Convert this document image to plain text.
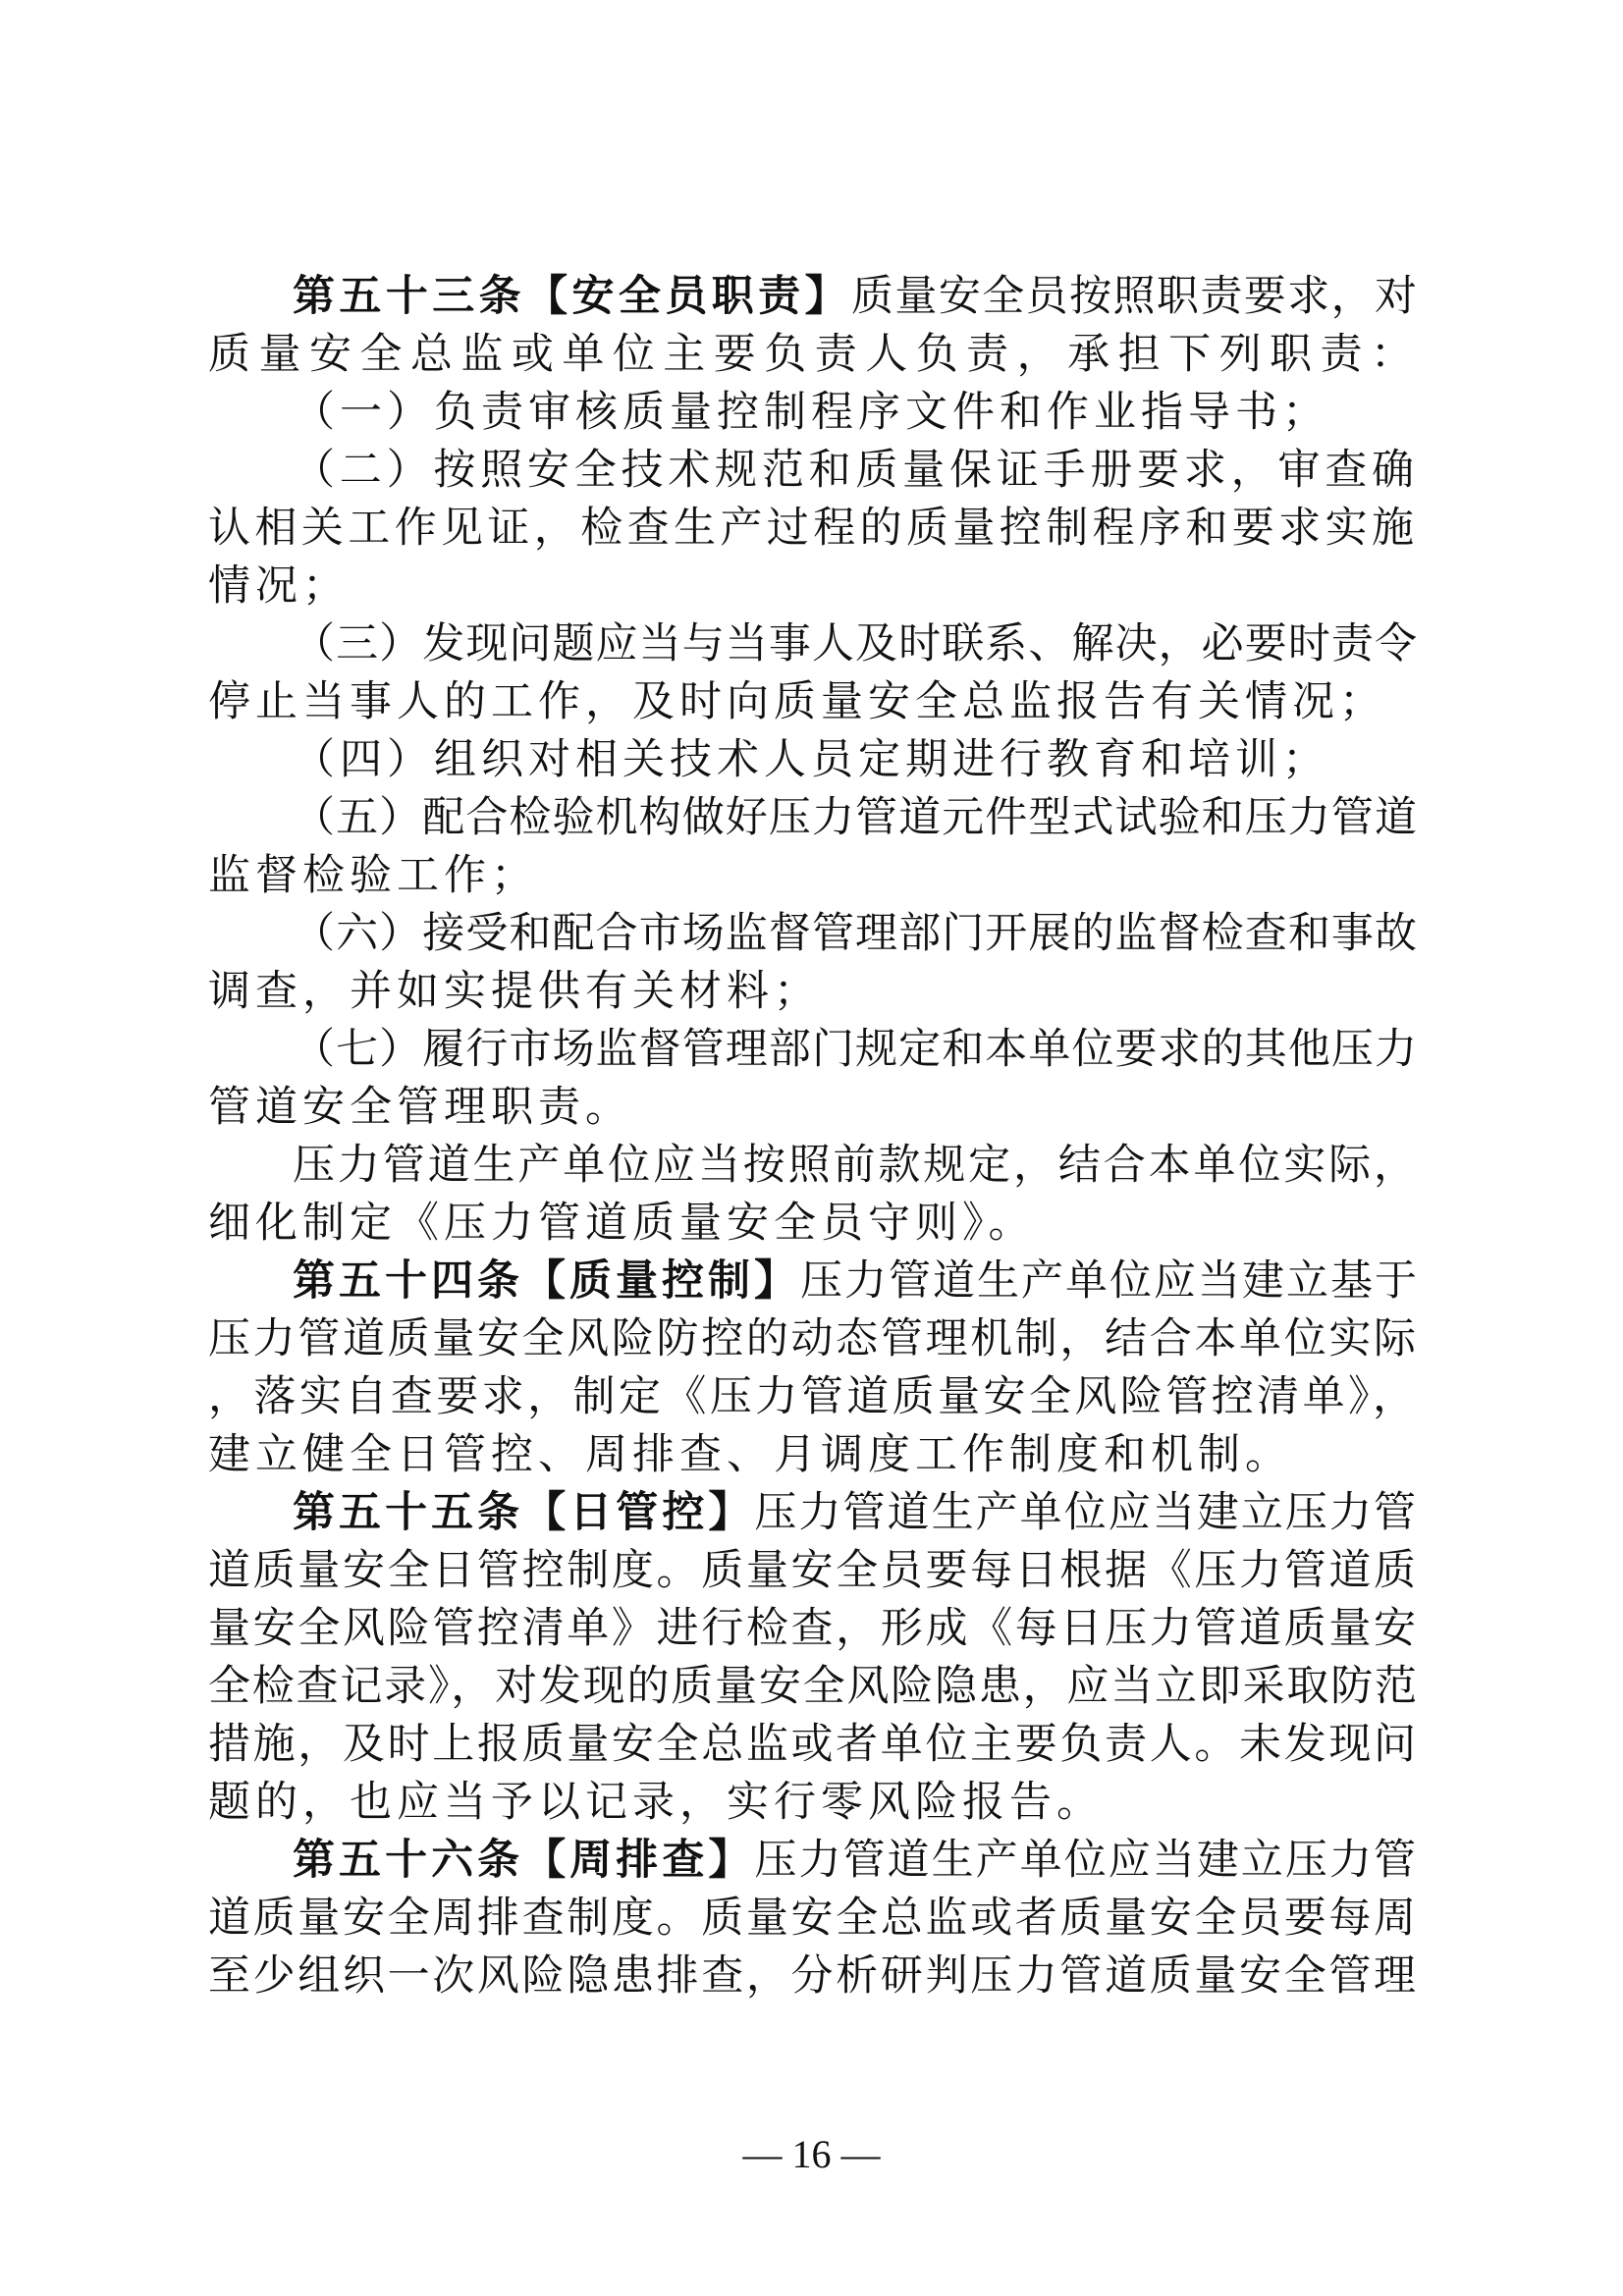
第五十三条【安全员职责】质量安全员按照职责要求，对
质量安全总监或单位主要负责人负责，承担下列职责：
（一）负责审核质量控制程序文件和作业指导书；
（二）按照安全技术规范和质量保证手册要求，审查确
认相关工作见证，检查生产过程的质量控制程序和要求实施
情况；
（三）发现问题应当与当事人及时联系、解决，必要时责令
停止当事人的工作，及时向质量安全总监报告有关情况；
（四）组织对相关技术人员定期进行教育和培训；
（五）配合检验机构做好压力管道元件型式试验和压力管道
监督检验工作；
（六）接受和配合市场监督管理部门开展的监督检查和事故
调查，并如实提供有关材料；
（七）履行市场监督管理部门规定和本单位要求的其他压力
管道安全管理职责。
压力管道生产单位应当按照前款规定，结合本单位实际，
细化制定《压力管道质量安全员守则》。
第五十四条【质量控制】压力管道生产单位应当建立基于
压力管道质量安全风险防控的动态管理机制，结合本单位实际
，落实自查要求，制定《压力管道质量安全风险管控清单》，
建立健全日管控、周排查、月调度工作制度和机制。
第五十五条【日管控】压力管道生产单位应当建立压力管
道质量安全日管控制度。质量安全员要每日根据《压力管道质
量安全风险管控清单》进行检查，形成《每日压力管道质量安
全检查记录》，对发现的质量安全风险隐患，应当立即采取防范
措施，及时上报质量安全总监或者单位主要负责人。未发现问
题的，也应当予以记录，实行零风险报告。
第五十六条【周排查】压力管道生产单位应当建立压力管
道质量安全周排查制度。质量安全总监或者质量安全员要每周
至少组织一次风险隐患排查，分析研判压力管道质量安全管理
— 16 —
